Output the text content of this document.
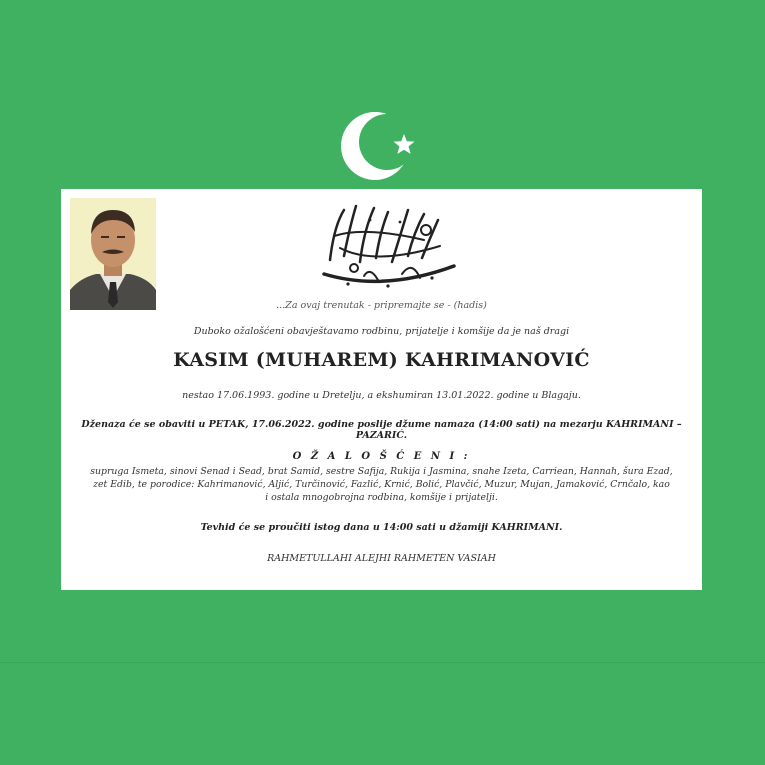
...Za ovaj trenutak - pripremajte se - (hadis)
Duboko ožalošćeni obavještavamo rodbinu, prijatelje i komšije da je naš dragi
KASIM (MUHAREM) KAHRIMANOVIĆ
nestao 17.06.1993. godine u Dretelju, a ekshumiran 13.01.2022. godine u Blagaju.
Dženaza će se obaviti u PETAK, 17.06.2022. godine poslije džume namaza (14:00 sati) na mezarju KAHRIMANI – PAZARIĆ.
O Ž A L O Š Ć E N I :
supruga Ismeta, sinovi Senad i Sead, brat Samid, sestre Safija, Rukija i Jasmina, snahe Izeta, Carriean, Hannah, šura Ezad,
zet Edib, te porodice: Kahrimanović, Aljić, Turčinović, Fazlić, Krnić, Bolić, Plavčić, Muzur, Mujan, Jamaković, Crnčalo, kao
i ostala mnogobrojna rodbina, komšije i prijatelji.
Tevhid će se proučiti istog dana u 14:00 sati u džamiji KAHRIMANI.
RAHMETULLAHI ALEJHI RAHMETEN VASIAH
